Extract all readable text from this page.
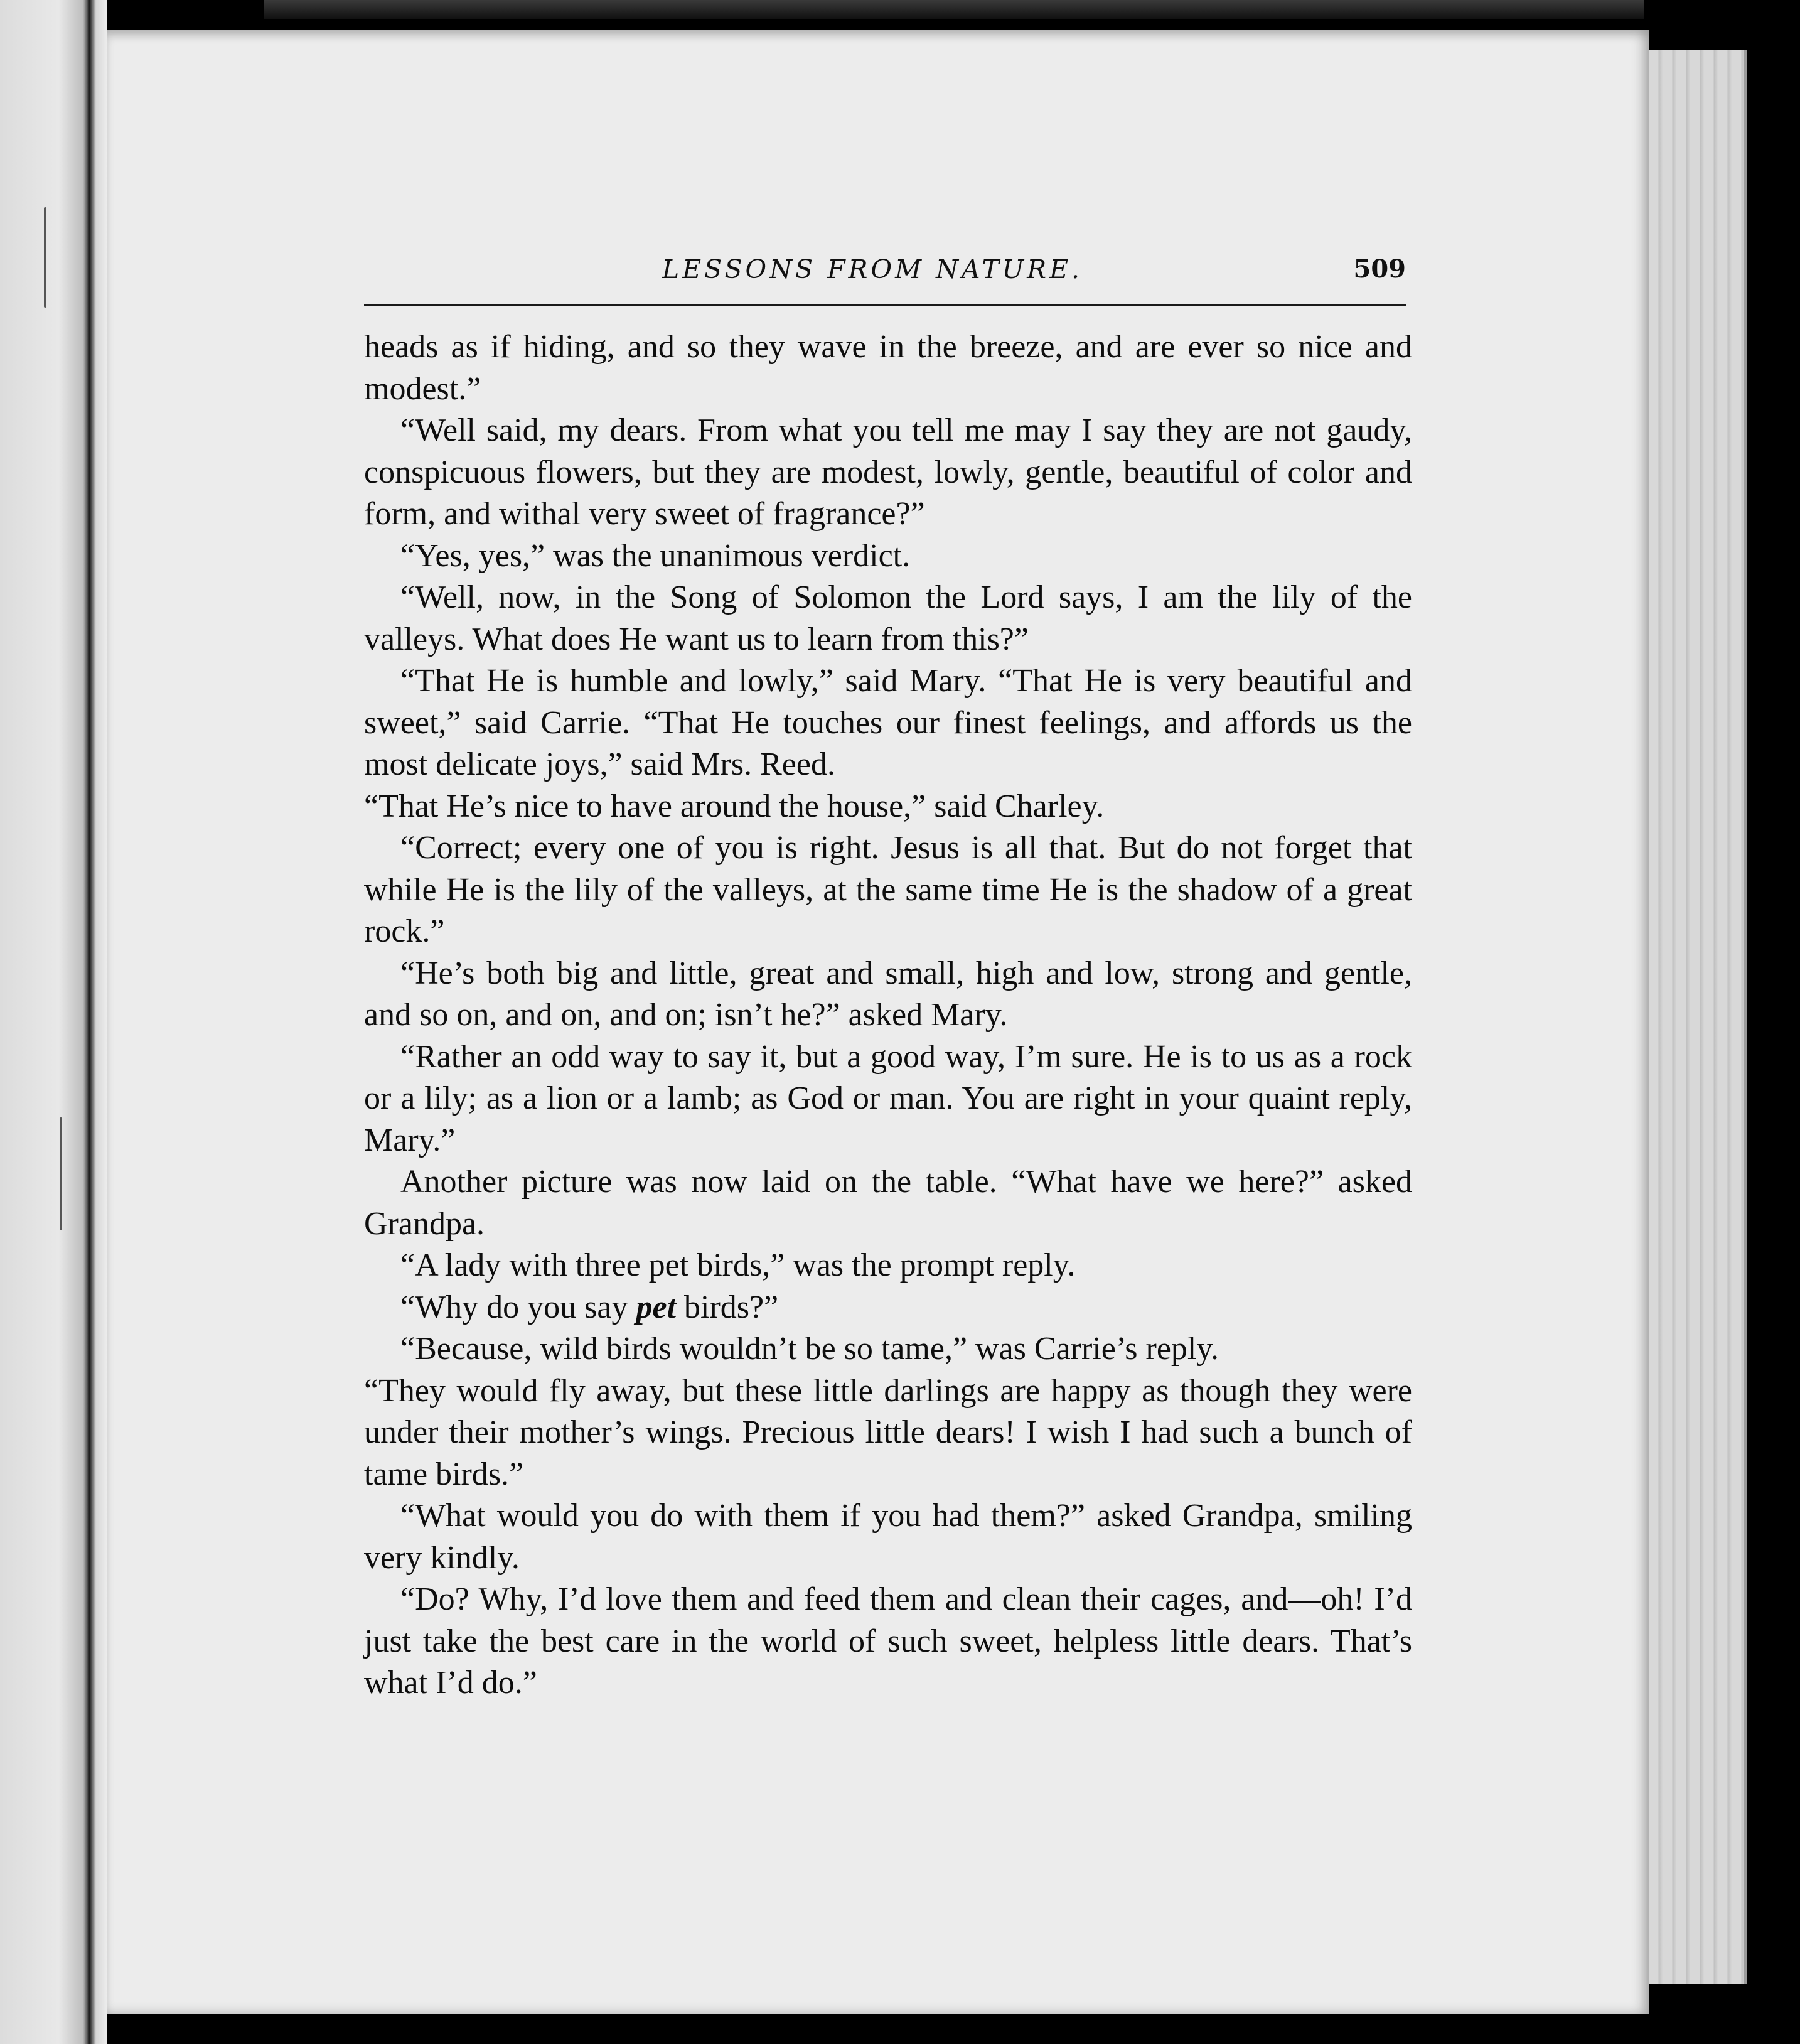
LESSONS FROM NATURE.	509

heads as if hiding, and so they wave in the breeze, and are ever so nice and modest.”

“Well said, my dears. From what you tell me may I say they are not gaudy, conspicuous flowers, but they are modest, lowly, gentle, beautiful of color and form, and withal very sweet of fragrance?”

“Yes, yes,” was the unanimous verdict.

“Well, now, in the Song of Solomon the Lord says, I am the lily of the valleys. What does He want us to learn from this?”

“That He is humble and lowly,” said Mary. “That He is very beautiful and sweet,” said Carrie. “That He touches our finest feelings, and affords us the most delicate joys,” said Mrs. Reed.

“That He’s nice to have around the house,” said Charley.

“Correct; every one of you is right. Jesus is all that. But do not forget that while He is the lily of the valleys, at the same time He is the shadow of a great rock.”

“He’s both big and little, great and small, high and low, strong and gentle, and so on, and on, and on; isn’t he?” asked Mary.

“Rather an odd way to say it, but a good way, I’m sure. He is to us as a rock or a lily; as a lion or a lamb; as God or man. You are right in your quaint reply, Mary.”

Another picture was now laid on the table. “What have we here?” asked Grandpa.

“A lady with three pet birds,” was the prompt reply.

“Why do you say pet birds?”

“Because, wild birds wouldn’t be so tame,” was Carrie’s reply.

“They would fly away, but these little darlings are happy as though they were under their mother’s wings. Precious little dears! I wish I had such a bunch of tame birds.”

“What would you do with them if you had them?” asked Grandpa, smiling very kindly.

“Do? Why, I’d love them and feed them and clean their cages, and—oh! I’d just take the best care in the world of such sweet, helpless little dears. That’s what I’d do.”
